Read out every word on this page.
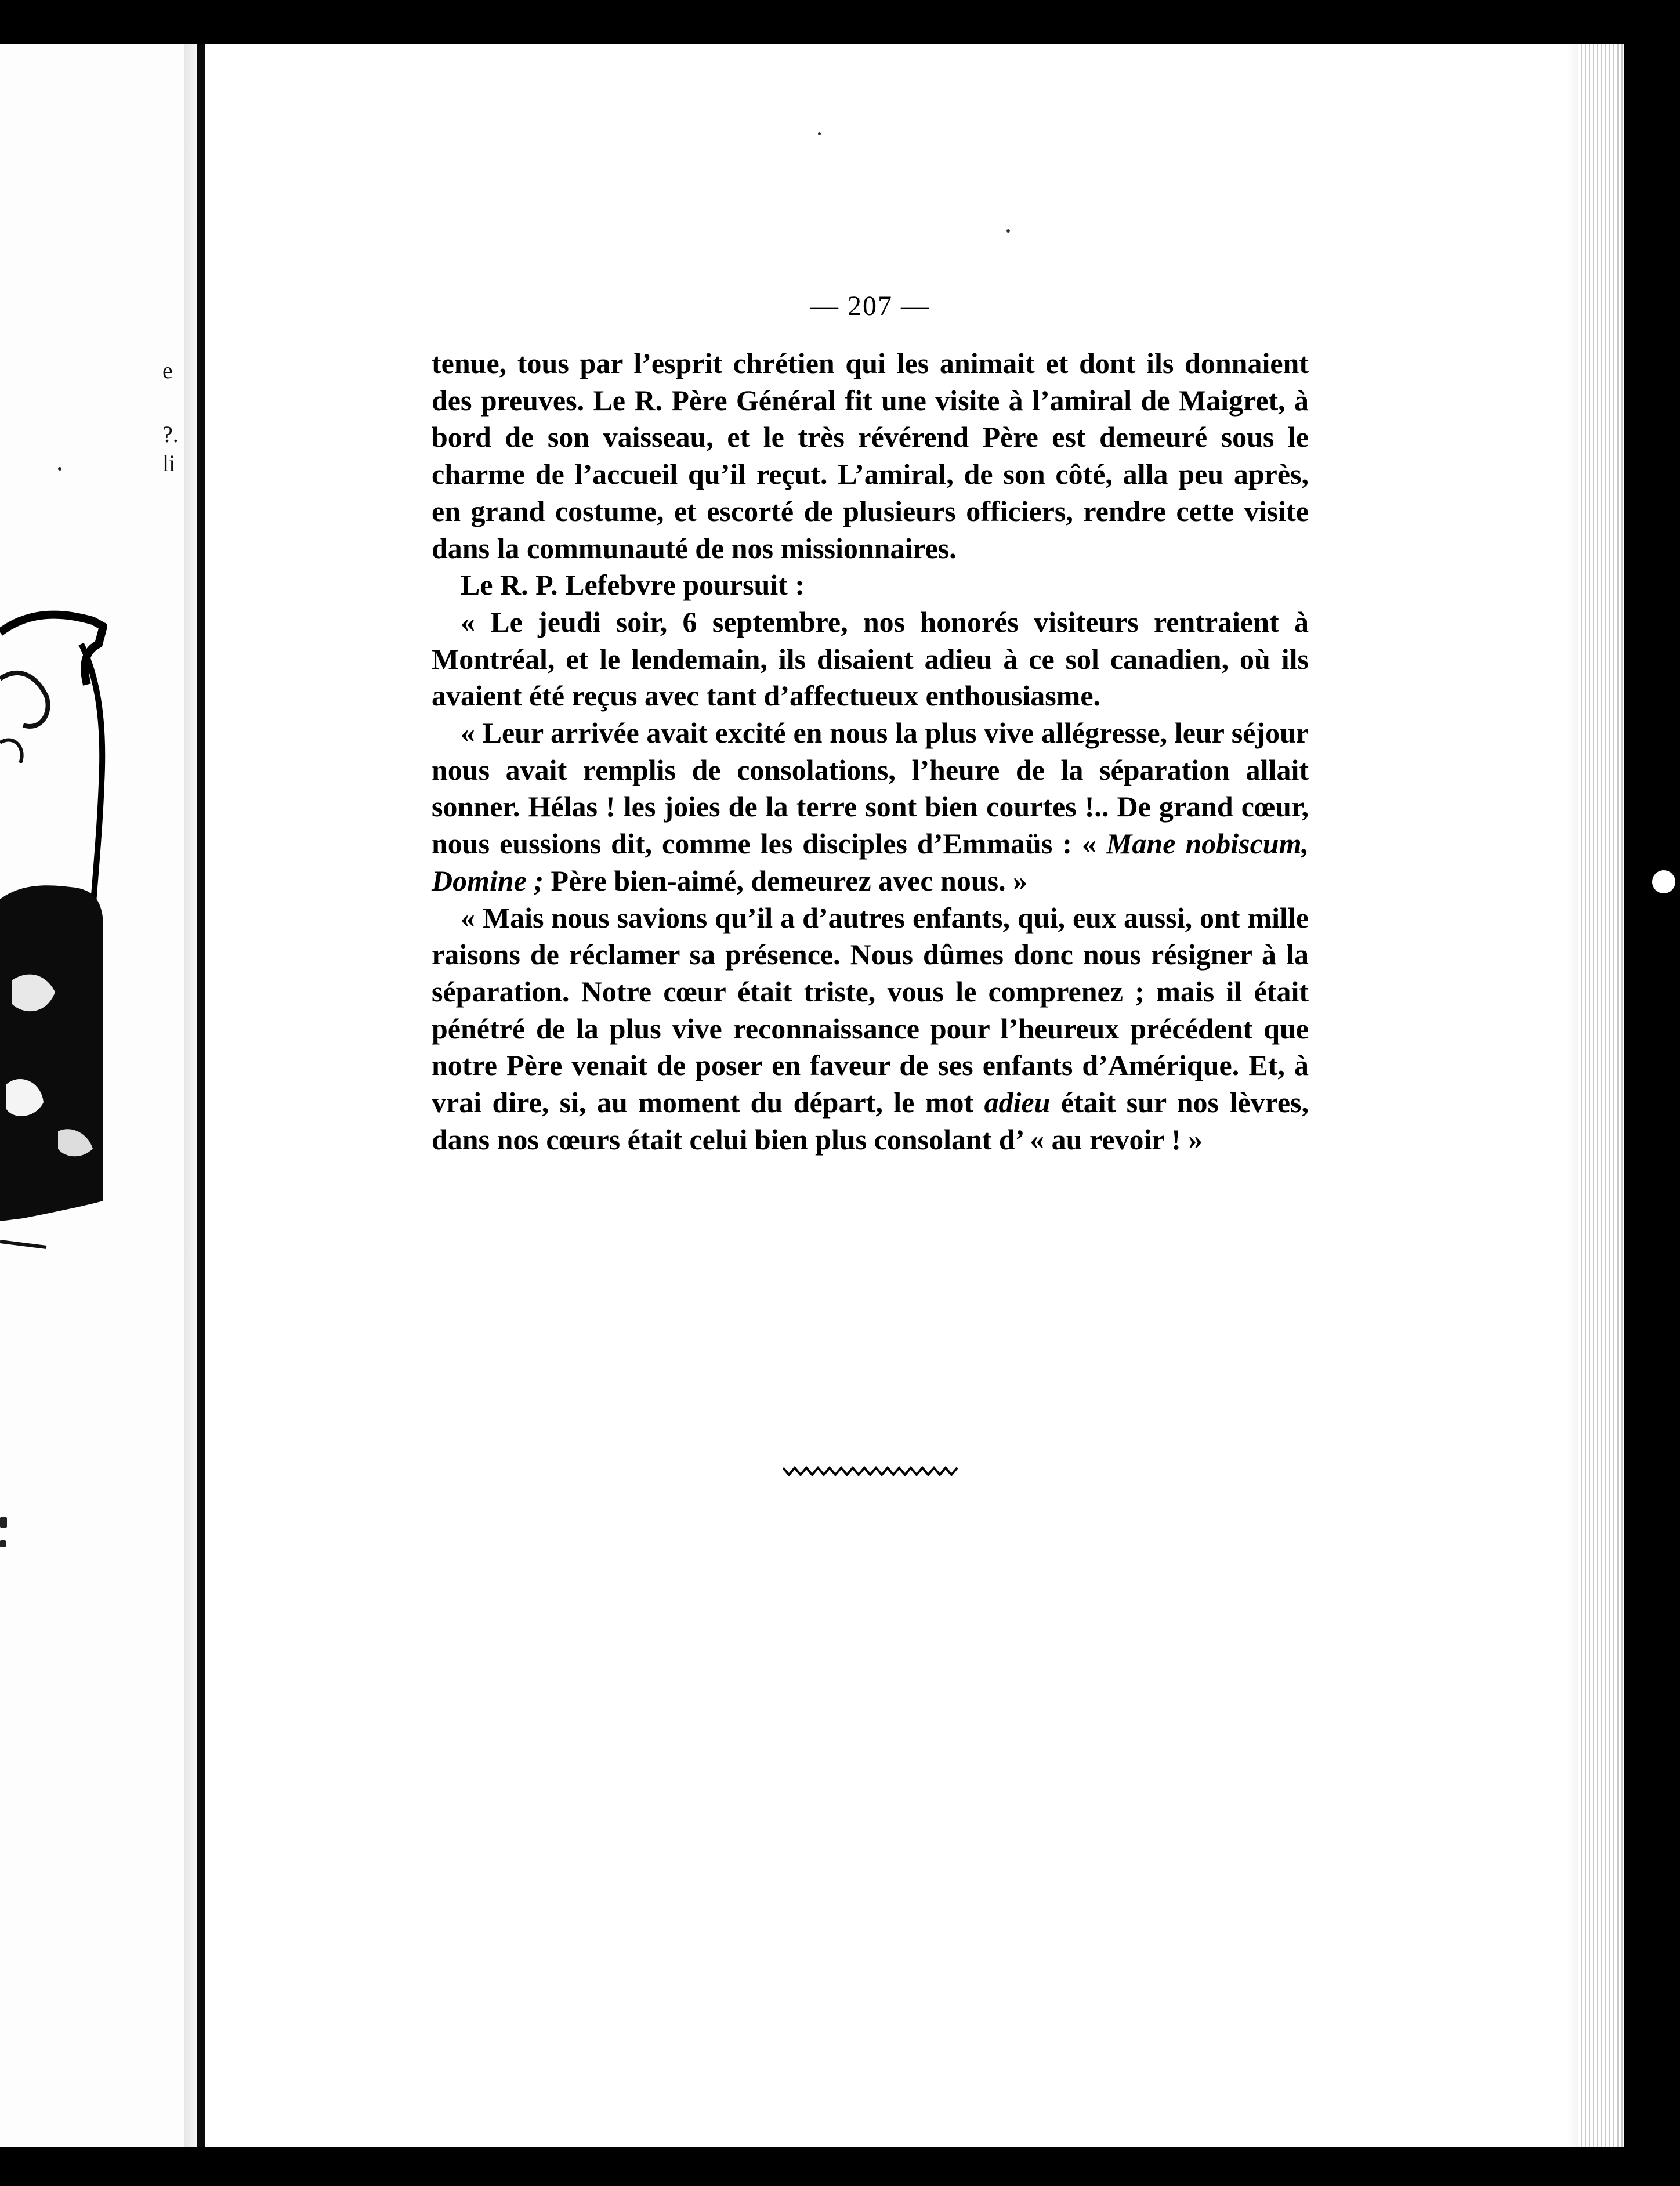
e
?.
li
— 207 —

tenue, tous par l’esprit chrétien qui les animait et dont ils donnaient des preuves. Le R. Père Général fit une visite à l’amiral de Maigret, à bord de son vaisseau, et le très révérend Père est demeuré sous le charme de l’accueil qu’il reçut. L’amiral, de son côté, alla peu après, en grand costume, et escorté de plusieurs officiers, rendre cette visite dans la communauté de nos missionnaires.

Le R. P. Lefebvre poursuit :

« Le jeudi soir, 6 septembre, nos honorés visiteurs rentraient à Montréal, et le lendemain, ils disaient adieu à ce sol canadien, où ils avaient été reçus avec tant d’affectueux enthousiasme.

« Leur arrivée avait excité en nous la plus vive allégresse, leur séjour nous avait remplis de consolations, l’heure de la séparation allait sonner. Hélas ! les joies de la terre sont bien courtes !.. De grand cœur, nous eussions dit, comme les disciples d’Emmaüs : « Mane nobiscum, Domine ; Père bien-aimé, demeurez avec nous. »

« Mais nous savions qu’il a d’autres enfants, qui, eux aussi, ont mille raisons de réclamer sa présence. Nous dûmes donc nous résigner à la séparation. Notre cœur était triste, vous le comprenez ; mais il était pénétré de la plus vive reconnaissance pour l’heureux précédent que notre Père venait de poser en faveur de ses enfants d’Amérique. Et, à vrai dire, si, au moment du départ, le mot adieu était sur nos lèvres, dans nos cœurs était celui bien plus consolant d’ « au revoir ! »
